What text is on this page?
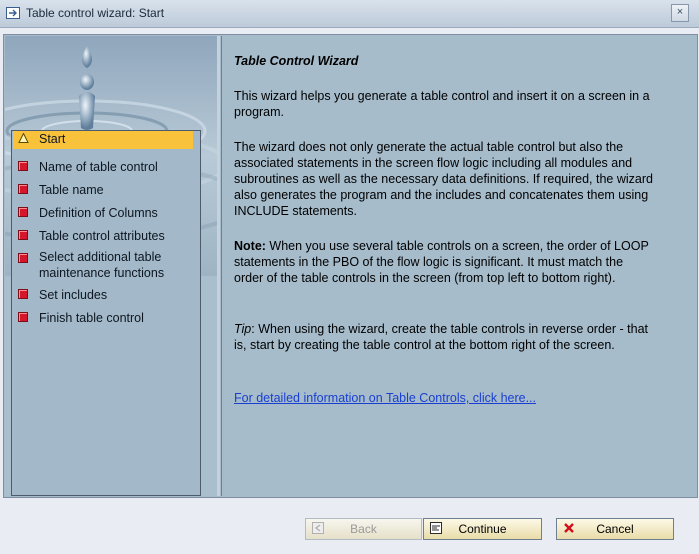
Table control wizard: Start	×
Start
Name of table control
Table name
Definition of Columns
Table control attributes
Select additional table maintenance functions
Set includes
Finish table control
Table Control Wizard
This wizard helps you generate a table control and insert it on a screen in a program.
The wizard does not only generate the actual table control but also the associated statements in the screen flow logic including all modules and subroutines as well as the necessary data definitions. If required, the wizard also generates the program and the includes and concatenates them using INCLUDE statements.
Note: When you use several table controls on a screen, the order of LOOP statements in the PBO of the flow logic is significant. It must match the order of the table controls in the screen (from top left to bottom right).
Tip: When using the wizard, create the table controls in reverse order - that is, start by creating the table control at the bottom right of the screen.
For detailed information on Table Controls, click here...
Back	Continue	Cancel
